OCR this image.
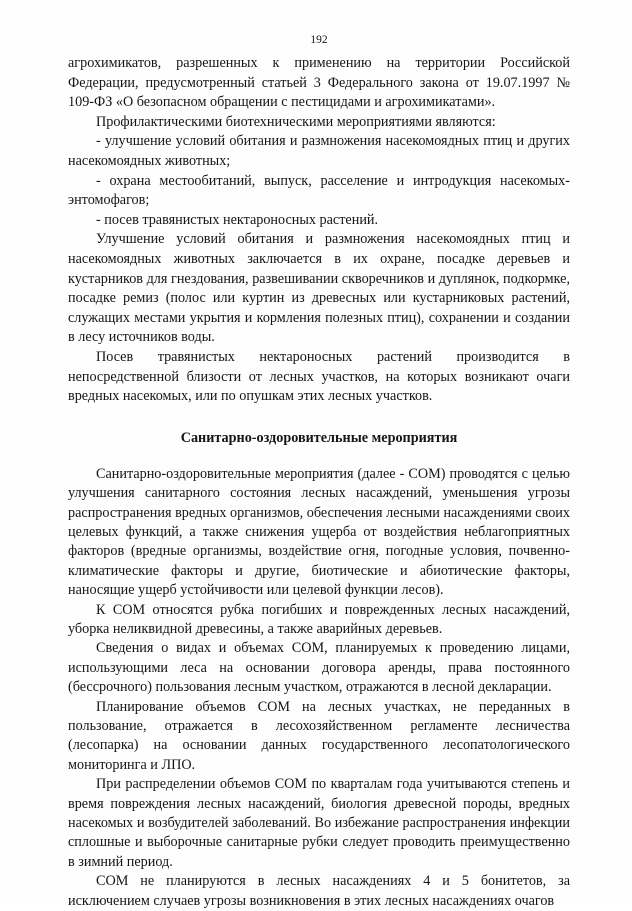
192

агрохимикатов, разрешенных к применению на территории Российской Федерации, предусмотренный статьей 3 Федерального закона от 19.07.1997 № 109-ФЗ «О безопасном обращении с пестицидами и агрохимикатами».

Профилактическими биотехническими мероприятиями являются:

- улучшение условий обитания и размножения насекомоядных птиц и других насекомоядных животных;

- охрана местообитаний, выпуск, расселение и интродукция насекомых-энтомофагов;

- посев травянистых нектароносных растений.

Улучшение условий обитания и размножения насекомоядных птиц и насекомоядных животных заключается в их охране, посадке деревьев и кустарников для гнездования, развешивании скворечников и дуплянок, подкормке, посадке ремиз (полос или куртин из древесных или кустарниковых растений, служащих местами укрытия и кормления полезных птиц), сохранении и создании в лесу источников воды.

Посев травянистых нектароносных растений производится в непосредственной близости от лесных участков, на которых возникают очаги вредных насекомых, или по опушкам этих лесных участков.

Санитарно-оздоровительные мероприятия

Санитарно-оздоровительные мероприятия (далее - СОМ) проводятся с целью улучшения санитарного состояния лесных насаждений, уменьшения угрозы распространения вредных организмов, обеспечения лесными насаждениями своих целевых функций, а также снижения ущерба от воздействия неблагоприятных факторов (вредные организмы, воздействие огня, погодные условия, почвенно-климатические факторы и другие, биотические и абиотические факторы, наносящие ущерб устойчивости или целевой функции лесов).

К СОМ относятся рубка погибших и поврежденных лесных насаждений, уборка неликвидной древесины, а также аварийных деревьев.

Сведения о видах и объемах СОМ, планируемых к проведению лицами, использующими леса на основании договора аренды, права постоянного (бессрочного) пользования лесным участком, отражаются в лесной декларации.

Планирование объемов СОМ на лесных участках, не переданных в пользование, отражается в лесохозяйственном регламенте лесничества (лесопарка) на основании данных государственного лесопатологического мониторинга и ЛПО.

При распределении объемов СОМ по кварталам года учитываются степень и время повреждения лесных насаждений, биология древесной породы, вредных насекомых и возбудителей заболеваний. Во избежание распространения инфекции сплошные и выборочные санитарные рубки следует проводить преимущественно в зимний период.

СОМ не планируются в лесных насаждениях 4 и 5 бонитетов, за исключением случаев угрозы возникновения в этих лесных насаждениях очагов
